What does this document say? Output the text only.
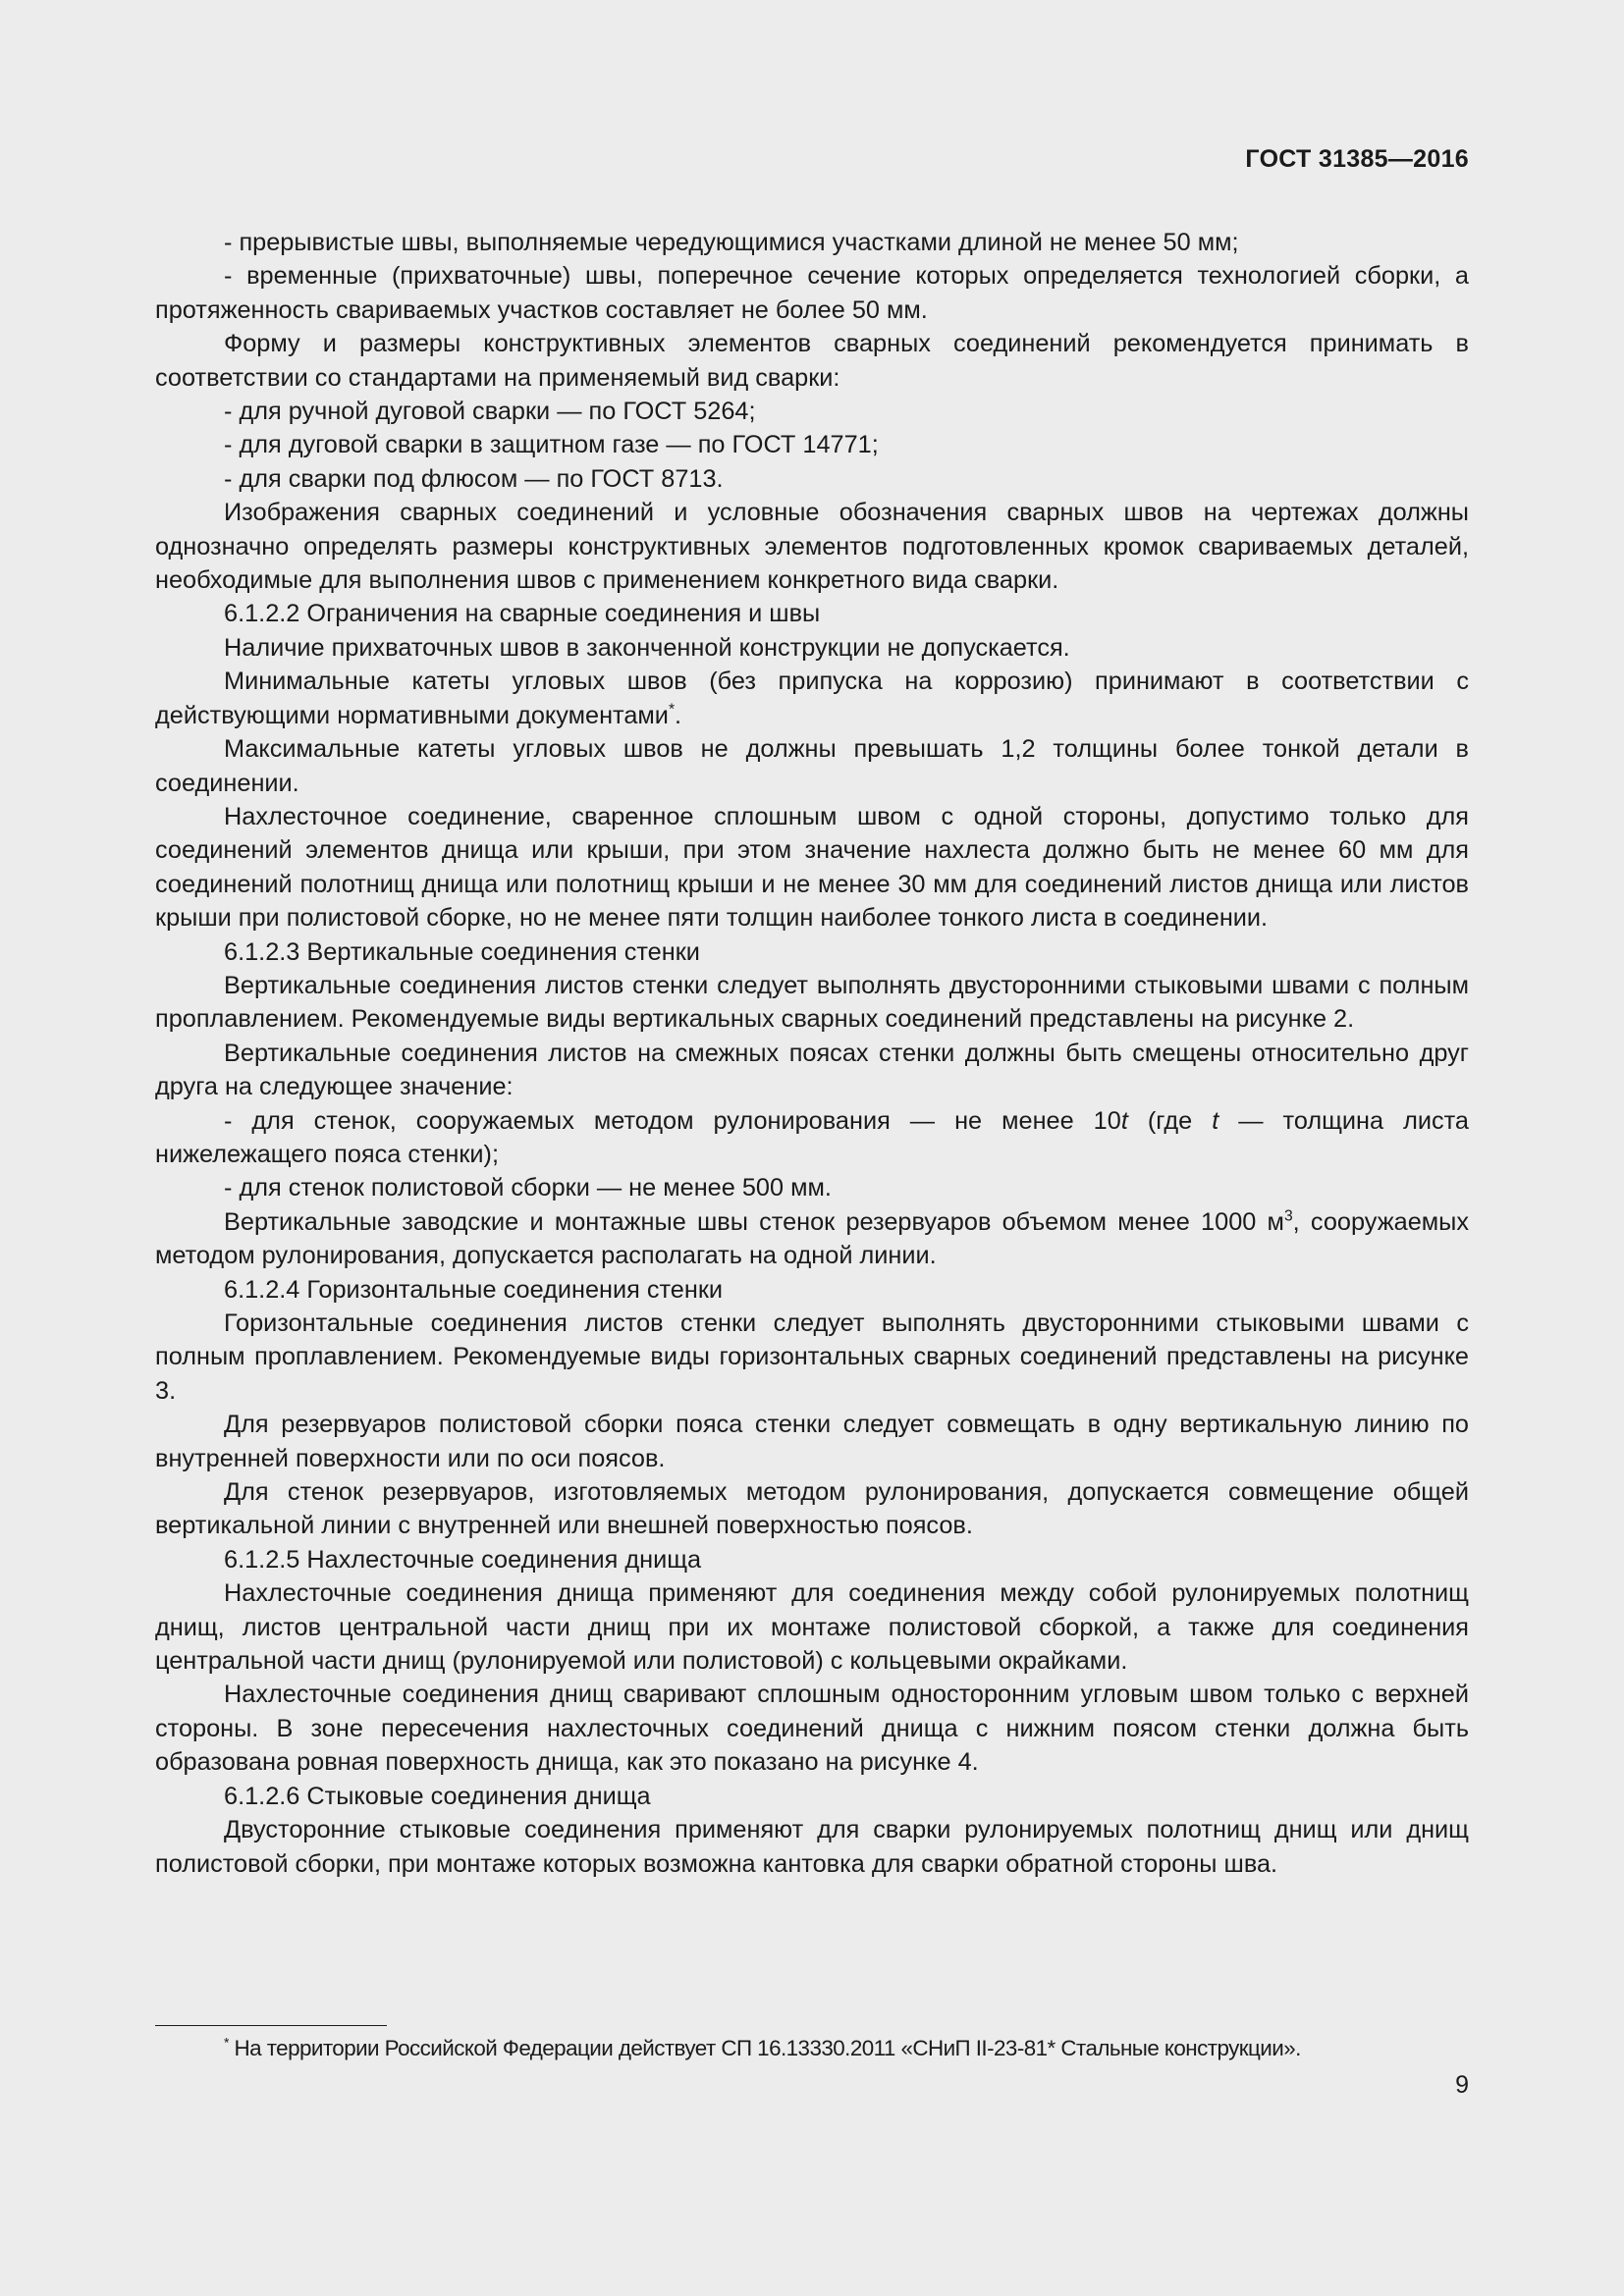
ГОСТ 31385—2016

- прерывистые швы, выполняемые чередующимися участками длиной не менее 50 мм;

- временные (прихваточные) швы, поперечное сечение которых определяется технологией сборки, а протяженность свариваемых участков составляет не более 50 мм.

Форму и размеры конструктивных элементов сварных соединений рекомендуется принимать в соответствии со стандартами на применяемый вид сварки:

- для ручной дуговой сварки — по ГОСТ 5264;

- для дуговой сварки в защитном газе — по ГОСТ 14771;

- для сварки под флюсом — по ГОСТ 8713.

Изображения сварных соединений и условные обозначения сварных швов на чертежах должны однозначно определять размеры конструктивных элементов подготовленных кромок свариваемых деталей, необходимые для выполнения швов с применением конкретного вида сварки.

6.1.2.2 Ограничения на сварные соединения и швы

Наличие прихваточных швов в законченной конструкции не допускается.

Минимальные катеты угловых швов (без припуска на коррозию) принимают в соответствии с действующими нормативными документами*.

Максимальные катеты угловых швов не должны превышать 1,2 толщины более тонкой детали в соединении.

Нахлесточное соединение, сваренное сплошным швом с одной стороны, допустимо только для соединений элементов днища или крыши, при этом значение нахлеста должно быть не менее 60 мм для соединений полотнищ днища или полотнищ крыши и не менее 30 мм для соединений листов днища или листов крыши при полистовой сборке, но не менее пяти толщин наиболее тонкого листа в соединении.

6.1.2.3 Вертикальные соединения стенки

Вертикальные соединения листов стенки следует выполнять двусторонними стыковыми швами с полным проплавлением. Рекомендуемые виды вертикальных сварных соединений представлены на рисунке 2.

Вертикальные соединения листов на смежных поясах стенки должны быть смещены относительно друг друга на следующее значение:

- для стенок, сооружаемых методом рулонирования — не менее 10t (где t — толщина листа нижележащего пояса стенки);

- для стенок полистовой сборки — не менее 500 мм.

Вертикальные заводские и монтажные швы стенок резервуаров объемом менее 1000 $м^3$, сооружаемых методом рулонирования, допускается располагать на одной линии.

6.1.2.4 Горизонтальные соединения стенки

Горизонтальные соединения листов стенки следует выполнять двусторонними стыковыми швами с полным проплавлением. Рекомендуемые виды горизонтальных сварных соединений представлены на рисунке 3.

Для резервуаров полистовой сборки пояса стенки следует совмещать в одну вертикальную линию по внутренней поверхности или по оси поясов.

Для стенок резервуаров, изготовляемых методом рулонирования, допускается совмещение общей вертикальной линии с внутренней или внешней поверхностью поясов.

6.1.2.5 Нахлесточные соединения днища

Нахлесточные соединения днища применяют для соединения между собой рулонируемых полотнищ днищ, листов центральной части днищ при их монтаже полистовой сборкой, а также для соединения центральной части днищ (рулонируемой или полистовой) с кольцевыми окрайками.

Нахлесточные соединения днищ сваривают сплошным односторонним угловым швом только с верхней стороны. В зоне пересечения нахлесточных соединений днища с нижним поясом стенки должна быть образована ровная поверхность днища, как это показано на рисунке 4.

6.1.2.6 Стыковые соединения днища

Двусторонние стыковые соединения применяют для сварки рулонируемых полотнищ днищ или днищ полистовой сборки, при монтаже которых возможна кантовка для сварки обратной стороны шва.

* На территории Российской Федерации действует СП 16.13330.2011 «СНиП II-23-81* Стальные конструкции».
9
